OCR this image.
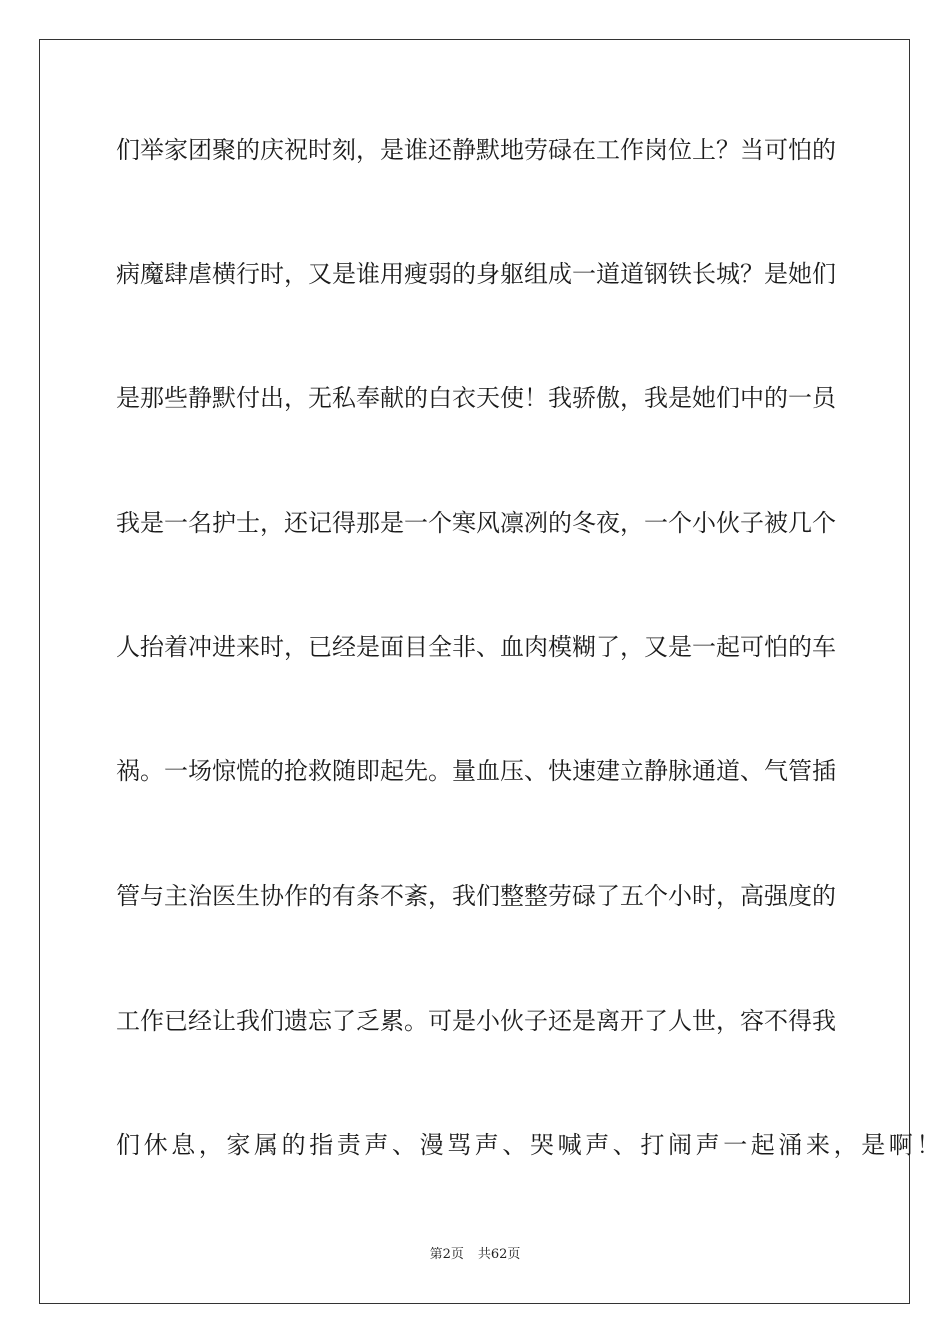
们举家团聚的庆祝时刻，是谁还静默地劳碌在工作岗位上？当可怕的
病魔肆虐横行时，又是谁用瘦弱的身躯组成一道道钢铁长城？是她们
是那些静默付出，无私奉献的白衣天使！我骄傲，我是她们中的一员
我是一名护士，还记得那是一个寒风凛冽的冬夜，一个小伙子被几个
人抬着冲进来时，已经是面目全非、血肉模糊了，又是一起可怕的车
祸。一场惊慌的抢救随即起先。量血压、快速建立静脉通道、气管插
管与主治医生协作的有条不紊，我们整整劳碌了五个小时，高强度的
工作已经让我们遗忘了乏累。可是小伙子还是离开了人世，容不得我
们休息，家属的指责声、漫骂声、哭喊声、打闹声一起涌来，是啊！
第2页 共62页
